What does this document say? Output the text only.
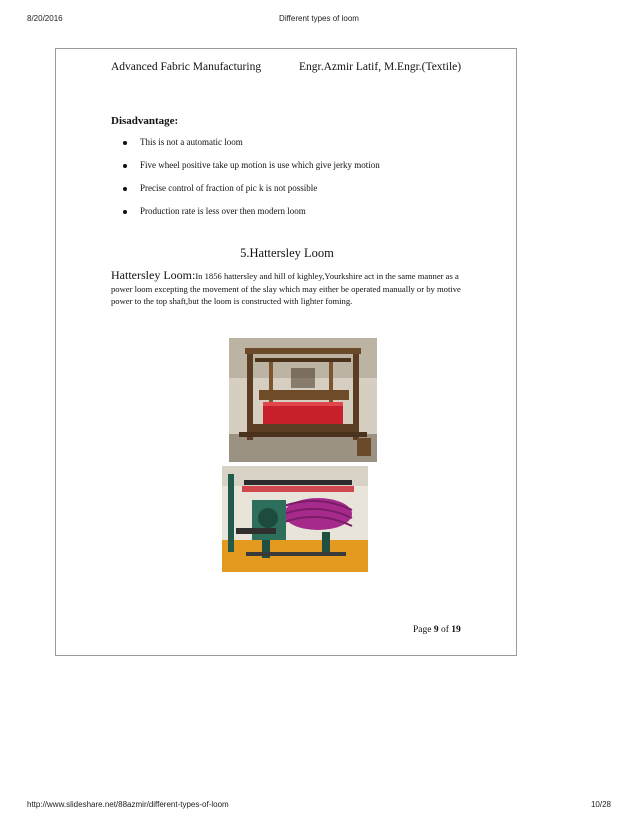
8/20/2016	Different types of loom
Advanced Fabric Manufacturing	Engr.Azmir Latif, M.Engr.(Textile)
Disadvantage:
This is not a automatic loom
Five wheel positive take up motion is use which give jerky motion
Precise control of fraction of pic k is not possible
Production rate is less over then modern loom
5.Hattersley Loom
Hattersley Loom:In 1856 hattersley and hill of kighley,Yourkshire act in the same manner as a power loom excepting the movement of the slay which may either be operated manually or by motive power to the top shaft,but the loom is constructed with lighter foming.
Page 9 of 19
http://www.slideshare.net/88azmir/different-types-of-loom	10/28
